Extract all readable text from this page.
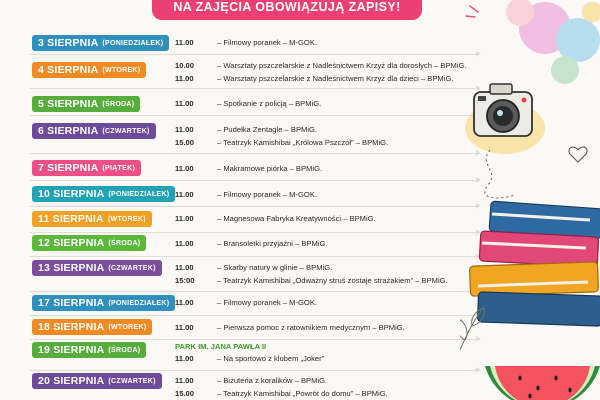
NA ZAJĘCIA OBOWIĄZUJĄ ZAPISY!
3 SIERPNIA (PONIEDZIAŁEK) 11.00	– Filmowy poranek – M-GOK.
4 SIERPNIA (WTOREK)	10.00	– Warsztaty pszczelarskie z Nadleśnictwem Krzyż dla dorosłych – BPMiG.
11.00	– Warsztaty pszczelarskie z Nadleśnictwem Krzyż dla dzieci – BPMiG.
5 SIERPNIA (ŚRODA)	11.00	– Spotkanie z policją – BPMiG.
6 SIERPNIA (CZWARTEK)	11.00	– Pudełka Zentagle – BPMiG.
15.00	– Teatrzyk Kamishibai „Królowa Pszczół” – BPMiG.
7 SIERPNIA (PIĄTEK)	11.00	– Makramowe piórka – BPMiG.
10 SIERPNIA (PONIEDZIAŁEK) 11.00	– Filmowy poranek – M-GOK.
11 SIERPNIA (WTOREK)	11.00	– Magnesowa Fabryka Kreatywności – BPMiG.
12 SIERPNIA (ŚRODA)	11.00	– Bransoletki przyjaźni – BPMiG.
13 SIERPNIA (CZWARTEK)	11.00	– Skarby natury w glinie – BPMiG.
15:00	– Teatrzyk Kamishibai „Odważny struś zostaje strażakiem” – BPMiG.
17 SIERPNIA (PONIEDZIAŁEK) 11.00	– Filmowy poranek – M-GOK.
18 SIERPNIA (WTOREK)	11.00	– Pierwsza pomoc z ratownikiem medycznym – BPMiG.
19 SIERPNIA (ŚRODA)	PARK IM. JANA PAWŁA II
11.00	– Na sportowo z klubem „Joker”
20 SIERPNIA (CZWARTEK)	11.00	– Biżuteria z koralików – BPMiG.
15.00	– Teatrzyk Kamishibai „Powrót do domu” – BPMiG.
